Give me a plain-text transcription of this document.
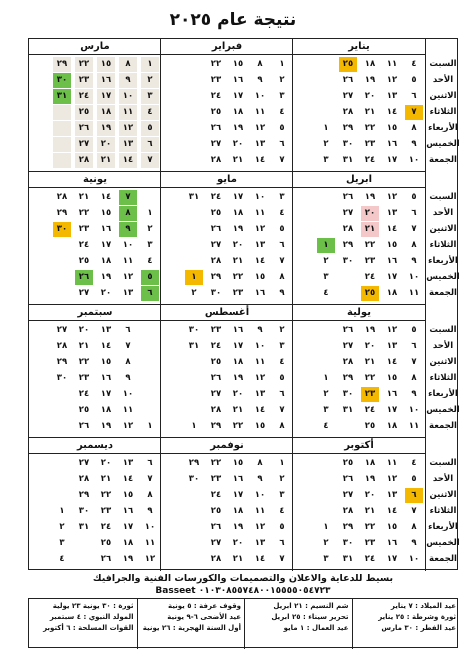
نتيجة عام ٢٠٢٥
يناير
٤
٥
٦
٧
٨
٩
١٠
١١
١٢
١٣
١٤
١٥
١٦
١٧
١٨
١٩
٢٠
٢١
٢٢
٢٣
٢٤
٢٥
٢٦
٢٧
٢٨
٢٩
٣٠
٣١
١
٢
٣
فبراير
١
٢
٣
٤
٥
٦
٧
٨
٩
١٠
١١
١٢
١٣
١٤
١٥
١٦
١٧
١٨
١٩
٢٠
٢١
٢٢
٢٣
٢٤
٢٥
٢٦
٢٧
٢٨
مارس
١
٢
٣
٤
٥
٦
٧
٨
٩
١٠
١١
١٢
١٣
١٤
١٥
١٦
١٧
١٨
١٩
٢٠
٢١
٢٢
٢٣
٢٤
٢٥
٢٦
٢٧
٢٨
٢٩
٣٠
٣١
ابريل
٥
٦
٧
٨
٩
١٠
١١
١٢
١٣
١٤
١٥
١٦
١٧
١٨
١٩
٢٠
٢١
٢٢
٢٣
٢٤
٢٥
٢٦
٢٧
٢٨
٢٩
٣٠
١
٢
٣
٤
مايو
٣
٤
٥
٦
٧
٨
٩
١٠
١١
١٢
١٣
١٤
١٥
١٦
١٧
١٨
١٩
٢٠
٢١
٢٢
٢٣
٢٤
٢٥
٢٦
٢٧
٢٨
٢٩
٣٠
٣١
١
٢
يونية
١
٢
٣
٤
٥
٦
٧
٨
٩
١٠
١١
١٢
١٣
١٤
١٥
١٦
١٧
١٨
١٩
٢٠
٢١
٢٢
٢٣
٢٤
٢٥
٢٦
٢٧
٢٨
٢٩
٣٠
يولية
٥
٦
٧
٨
٩
١٠
١١
١٢
١٣
١٤
١٥
١٦
١٧
١٨
١٩
٢٠
٢١
٢٢
٢٣
٢٤
٢٥
٢٦
٢٧
٢٨
٢٩
٣٠
٣١
١
٢
٣
٤
أغسطس
٢
٣
٤
٥
٦
٧
٨
٩
١٠
١١
١٢
١٣
١٤
١٥
١٦
١٧
١٨
١٩
٢٠
٢١
٢٢
٢٣
٢٤
٢٥
٢٦
٢٧
٢٨
٢٩
٣٠
٣١
١
سبتمبر
١
٦
٧
٨
٩
١٠
١١
١٢
١٣
١٤
١٥
١٦
١٧
١٨
١٩
٢٠
٢١
٢٢
٢٣
٢٤
٢٥
٢٦
٢٧
٢٨
٢٩
٣٠
أكتوبر
٤
٥
٦
٧
٨
٩
١٠
١١
١٢
١٣
١٤
١٥
١٦
١٧
١٨
١٩
٢٠
٢١
٢٢
٢٣
٢٤
٢٥
٢٦
٢٧
٢٨
٢٩
٣٠
٣١
١
٢
٣
نوفمبر
١
٢
٣
٤
٥
٦
٧
٨
٩
١٠
١١
١٢
١٣
١٤
١٥
١٦
١٧
١٨
١٩
٢٠
٢١
٢٢
٢٣
٢٤
٢٥
٢٦
٢٧
٢٨
٢٩
٣٠
ديسمبر
٦
٧
٨
٩
١٠
١١
١٢
١٣
١٤
١٥
١٦
١٧
١٨
١٩
٢٠
٢١
٢٢
٢٣
٢٤
٢٥
٢٦
٢٧
٢٨
٢٩
٣٠
٣١
١
٢
٣
٤
السبت
الأحد
الاثنين
الثلاثاء
الأربعاء
الخميس
الجمعة
السبت
الأحد
الاثنين
الثلاثاء
الأربعاء
الخميس
الجمعة
السبت
الأحد
الاثنين
الثلاثاء
الأربعاء
الخميس
الجمعة
السبت
الأحد
الاثنين
الثلاثاء
الأربعاء
الخميس
الجمعة
بسيط للدعاية والاعلان والتصميمات والكورسات الفنية والجرافيك
Basseet ٠١٠٣٠٨٥٥٧٤٨٠٠١٥٥٥٥٠٥٤٧٢٣
عيد الميلاد : ٧ يناير
ثورة وشرطة : ٢٥ يناير
عيد الفطر : ٣٠ مارس
شم النسيم : ٢١ ابريل
تحرير سيناء : ٢٥ ابريل
عيد العمال : ١ مايو
وقوف عرفة : ٥ يونية
عيد الأضحى ٦-٩ يونية
أول السنة الهجرية : ٢٦ يونية
ثورة : ٣٠ يونية ٢٣ يولية
المولد النبوي : ٤ سبتمبر
القوات المسلحة : ٦ أكتوبر
